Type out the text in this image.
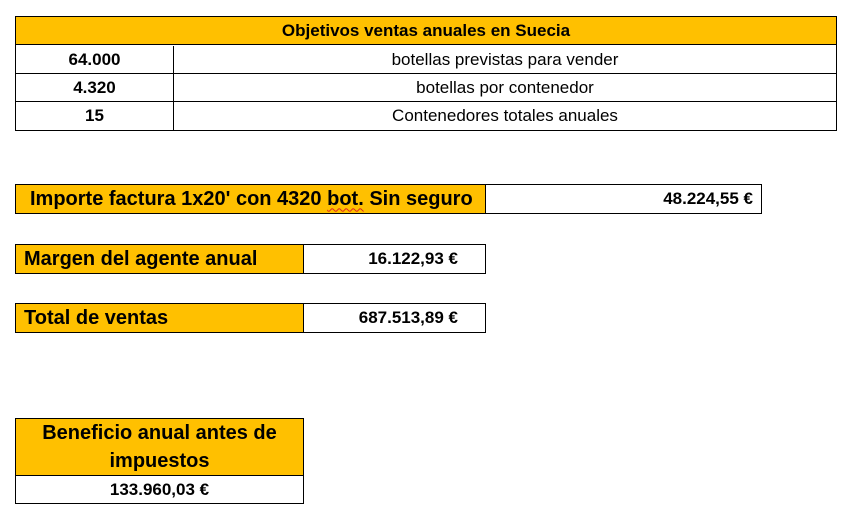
Objetivos ventas anuales en Suecia
64.000	botellas previstas para vender
4.320	botellas por contenedor
15	Contenedores totales anuales
Importe factura 1x20' con 4320 bot. Sin seguro	48.224,55 €
Margen del agente anual	16.122,93 €
Total de ventas	687.513,89 €
Beneficio anual antes de impuestos
133.960,03 €
